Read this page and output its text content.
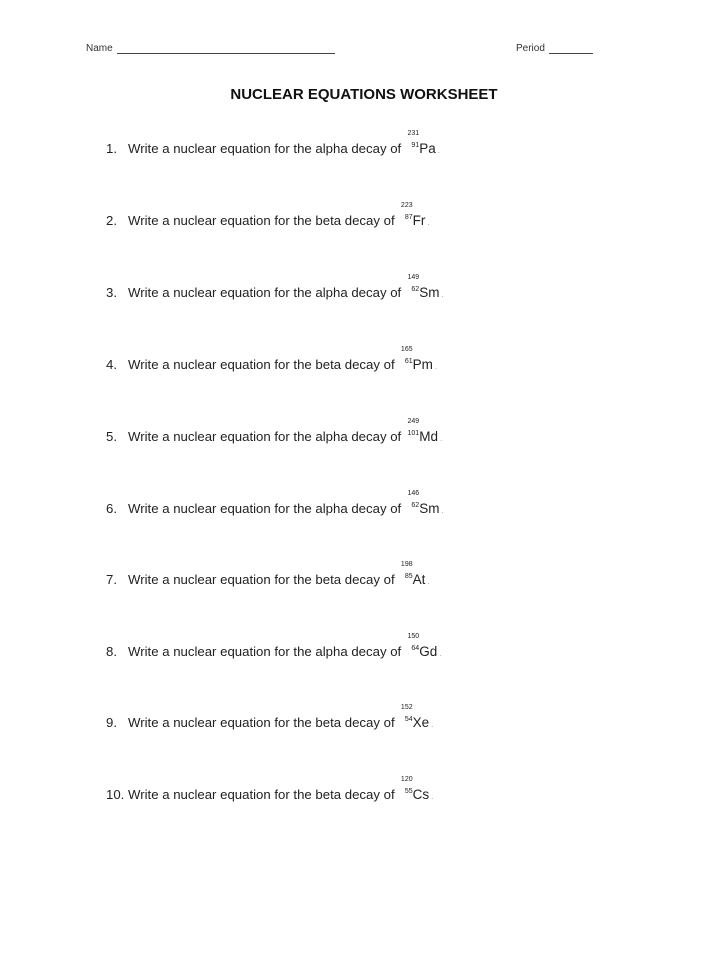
Name	Period
NUCLEAR EQUATIONS WORKSHEET
1. Write a nuclear equation for the alpha decay of
231
91 Pa .
2. Write a nuclear equation for the beta decay of
223
87 Fr .
3. Write a nuclear equation for the alpha decay of
149
62 Sm .
4. Write a nuclear equation for the beta decay of
165
61 Pm .
5. Write a nuclear equation for the alpha decay of
249
101 Md .
6. Write a nuclear equation for the alpha decay of
146
62 Sm .
7. Write a nuclear equation for the beta decay of
198
85 At .
8. Write a nuclear equation for the alpha decay of
150
64 Gd .
9. Write a nuclear equation for the beta decay of
152
54 Xe .
10. Write a nuclear equation for the beta decay of
120
55 Cs .
